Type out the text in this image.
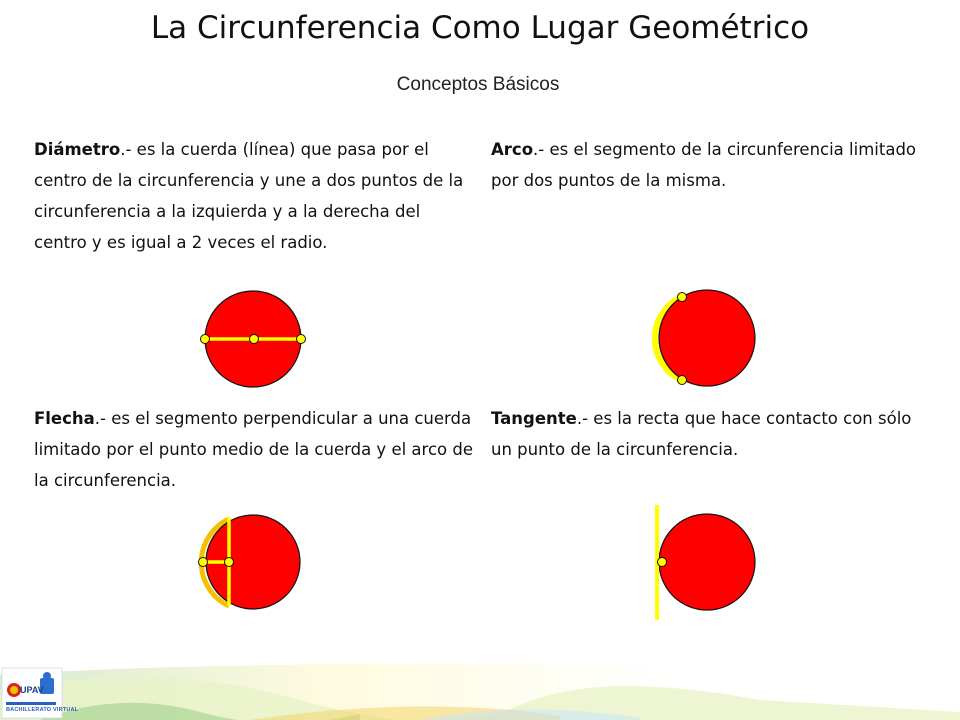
La Circunferencia Como Lugar Geométrico
Conceptos Básicos

Diámetro.- es la cuerda (línea) que pasa por el centro de la circunferencia y une a dos puntos de la circunferencia a la izquierda y a la derecha del centro y es igual a 2 veces el radio.

Arco.- es el segmento de la circunferencia limitado por dos puntos de la misma.

Flecha.- es el segmento perpendicular a una cuerda limitado por el punto medio de la cuerda y el arco de la circunferencia.

Tangente.- es la recta que hace contacto con sólo un punto de la circunferencia.

UPAV
BACHILLERATO VIRTUAL
